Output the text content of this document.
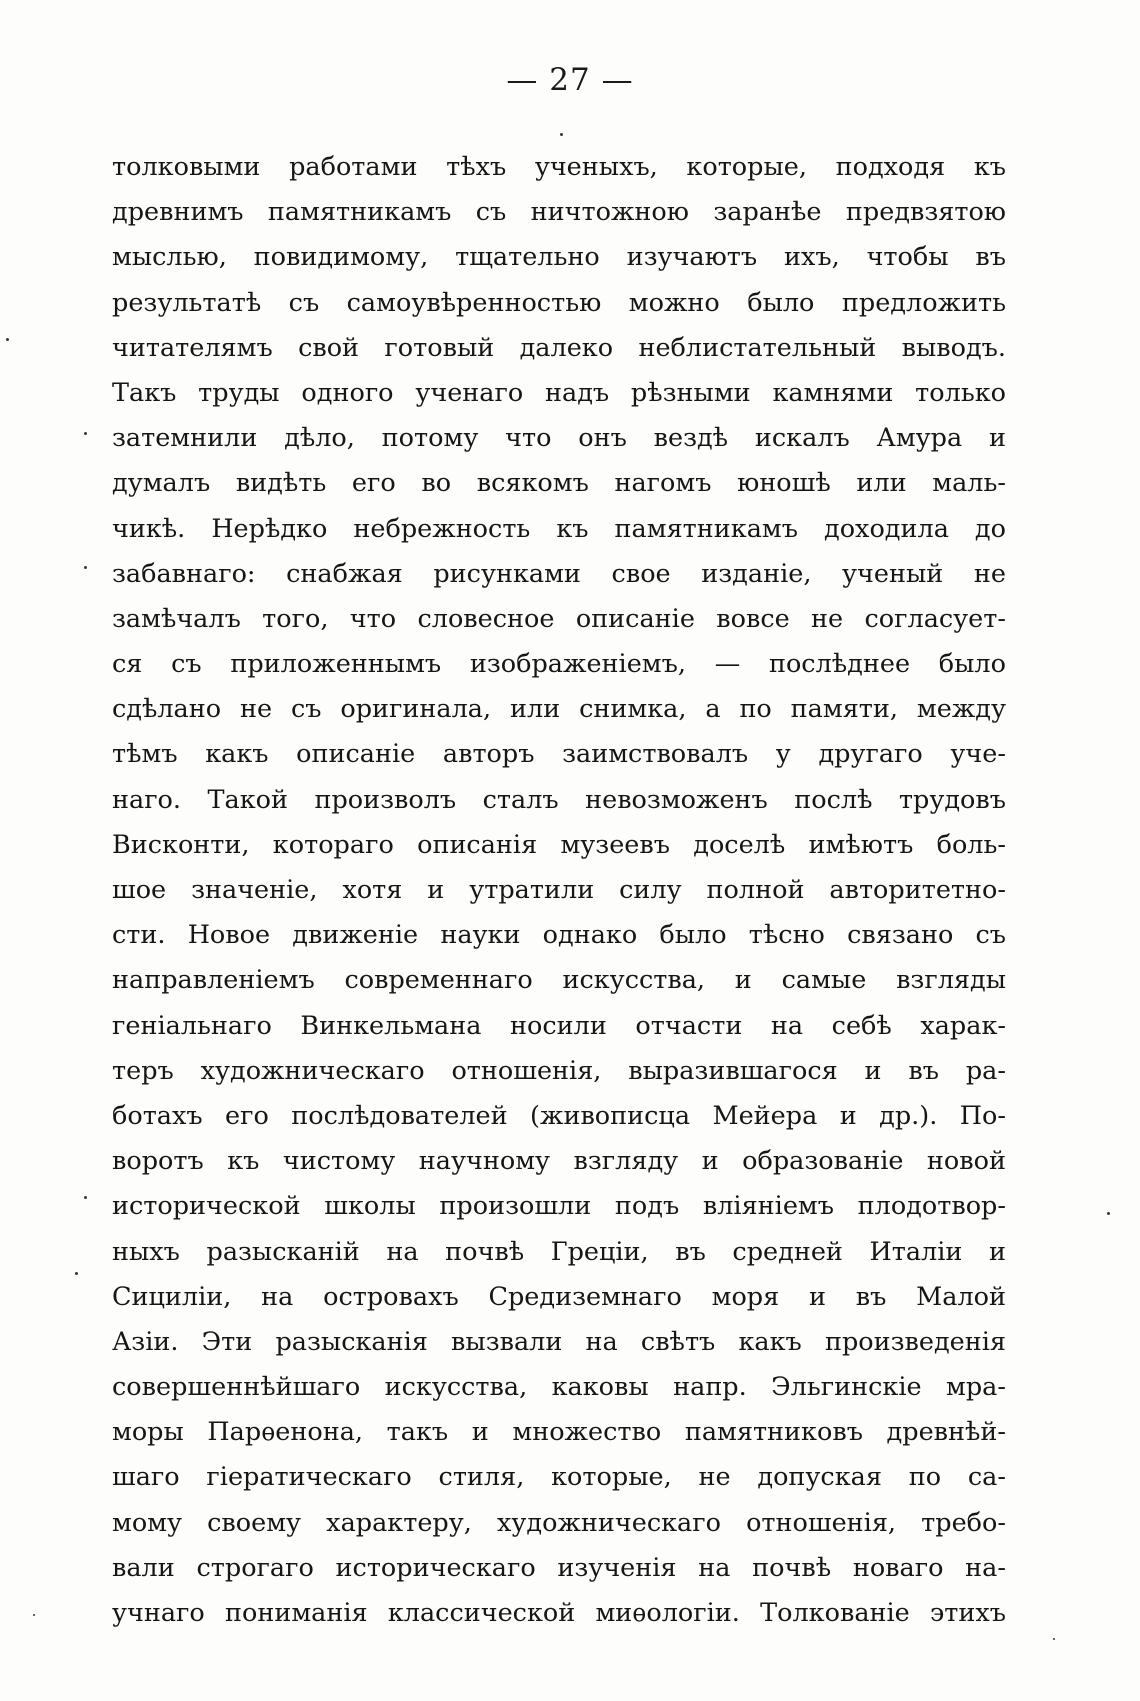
— 27 —
толковыми работами тѣхъ ученыхъ, которые, подходя къ
древнимъ памятникамъ съ ничтожною заранѣе предвзятою
мыслью, повидимому, тщательно изучаютъ ихъ, чтобы въ
результатѣ съ самоувѣренностью можно было предложить
читателямъ свой готовый далеко неблистательный выводъ.
Такъ труды одного ученаго надъ рѣзными камнями только
затемнили дѣло, потому что онъ вездѣ искалъ Амура и
думалъ видѣть его во всякомъ нагомъ юношѣ или маль-
чикѣ. Нерѣдко небрежность къ памятникамъ доходила до
забавнаго: снабжая рисунками свое изданіе, ученый не
замѣчалъ того, что словесное описаніе вовсе не согласует-
ся съ приложеннымъ изображеніемъ, — послѣднее было
сдѣлано не съ оригинала, или снимка, а по памяти, между
тѣмъ какъ описаніе авторъ заимствовалъ у другаго уче-
наго. Такой произволъ сталъ невозможенъ послѣ трудовъ
Висконти, котораго описанія музеевъ доселѣ имѣютъ боль-
шое значеніе, хотя и утратили силу полной авторитетно-
сти. Новое движеніе науки однако было тѣсно связано съ
направленіемъ современнаго искусства, и самые взгляды
геніальнаго Винкельмана носили отчасти на себѣ харак-
теръ художническаго отношенія, выразившагося и въ ра-
ботахъ его послѣдователей (живописца Мейера и др.). По-
воротъ къ чистому научному взгляду и образованіе новой
исторической школы произошли подъ вліяніемъ плодотвор-
ныхъ разысканій на почвѣ Греціи, въ средней Италіи и
Сициліи, на островахъ Средиземнаго моря и въ Малой
Азіи. Эти разысканія вызвали на свѣтъ какъ произведенія
совершеннѣйшаго искусства, каковы напр. Эльгинскіе мра-
моры Парѳенона, такъ и множество памятниковъ древнѣй-
шаго гіератическаго стиля, которые, не допуская по са-
мому своему характеру, художническаго отношенія, требо-
вали строгаго историческаго изученія на почвѣ новаго на-
учнаго пониманія классической миѳологіи. Толкованіе этихъ
